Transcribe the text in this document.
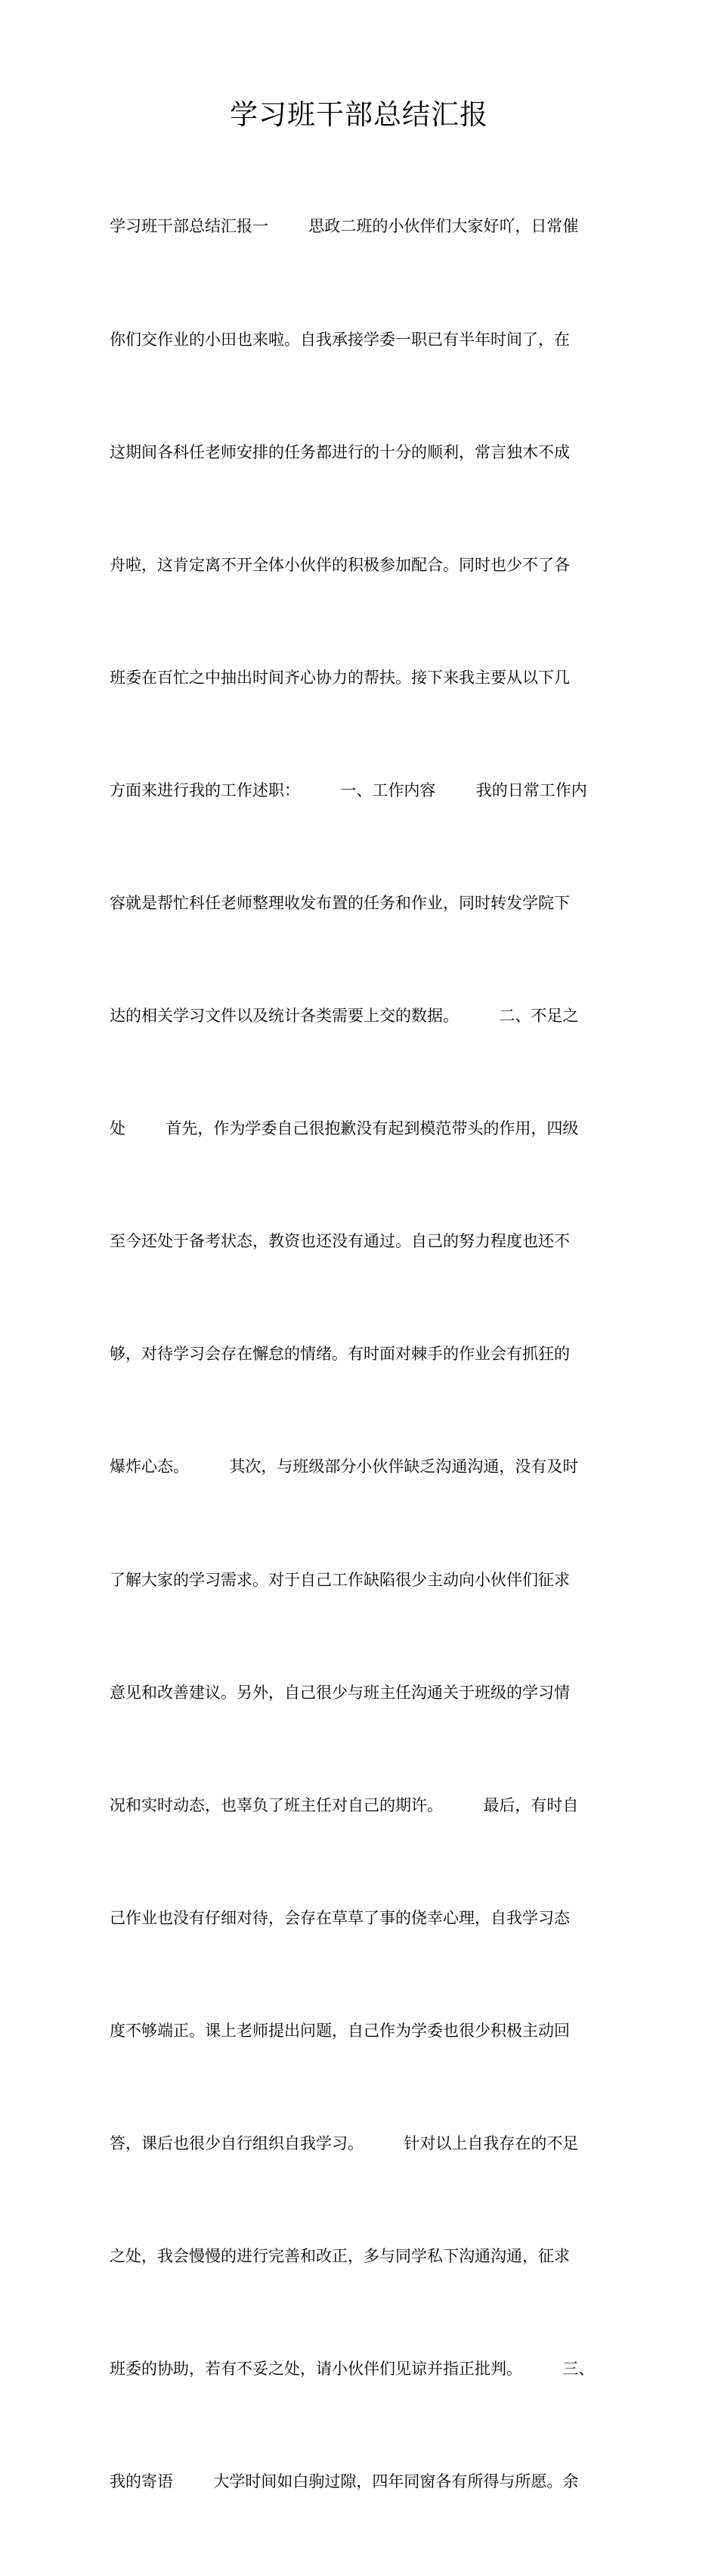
学习班干部总结汇报

学习班干部总结汇报一        思政二班的小伙伴们大家好吖，日常催

你们交作业的小田也来啦。自我承接学委一职已有半年时间了，在

这期间各科任老师安排的任务都进行的十分的顺利，常言独木不成

舟啦，这肯定离不开全体小伙伴的积极参加配合。同时也少不了各

班委在百忙之中抽出时间齐心协力的帮扶。接下来我主要从以下几

方面来进行我的工作述职：        一、工作内容        我的日常工作内

容就是帮忙科任老师整理收发布置的任务和作业，同时转发学院下

达的相关学习文件以及统计各类需要上交的数据。        二、不足之

处        首先，作为学委自己很抱歉没有起到模范带头的作用，四级

至今还处于备考状态，教资也还没有通过。自己的努力程度也还不

够，对待学习会存在懈怠的情绪。有时面对棘手的作业会有抓狂的

爆炸心态。        其次，与班级部分小伙伴缺乏沟通沟通，没有及时

了解大家的学习需求。对于自己工作缺陷很少主动向小伙伴们征求

意见和改善建议。另外，自己很少与班主任沟通关于班级的学习情

况和实时动态，也辜负了班主任对自己的期许。        最后，有时自

己作业也没有仔细对待，会存在草草了事的侥幸心理，自我学习态

度不够端正。课上老师提出问题，自己作为学委也很少积极主动回

答，课后也很少自行组织自我学习。        针对以上自我存在的不足

之处，我会慢慢的进行完善和改正，多与同学私下沟通沟通，征求

班委的协助，若有不妥之处，请小伙伴们见谅并指正批判。        三、

我的寄语        大学时间如白驹过隙，四年同窗各有所得与所愿。余
